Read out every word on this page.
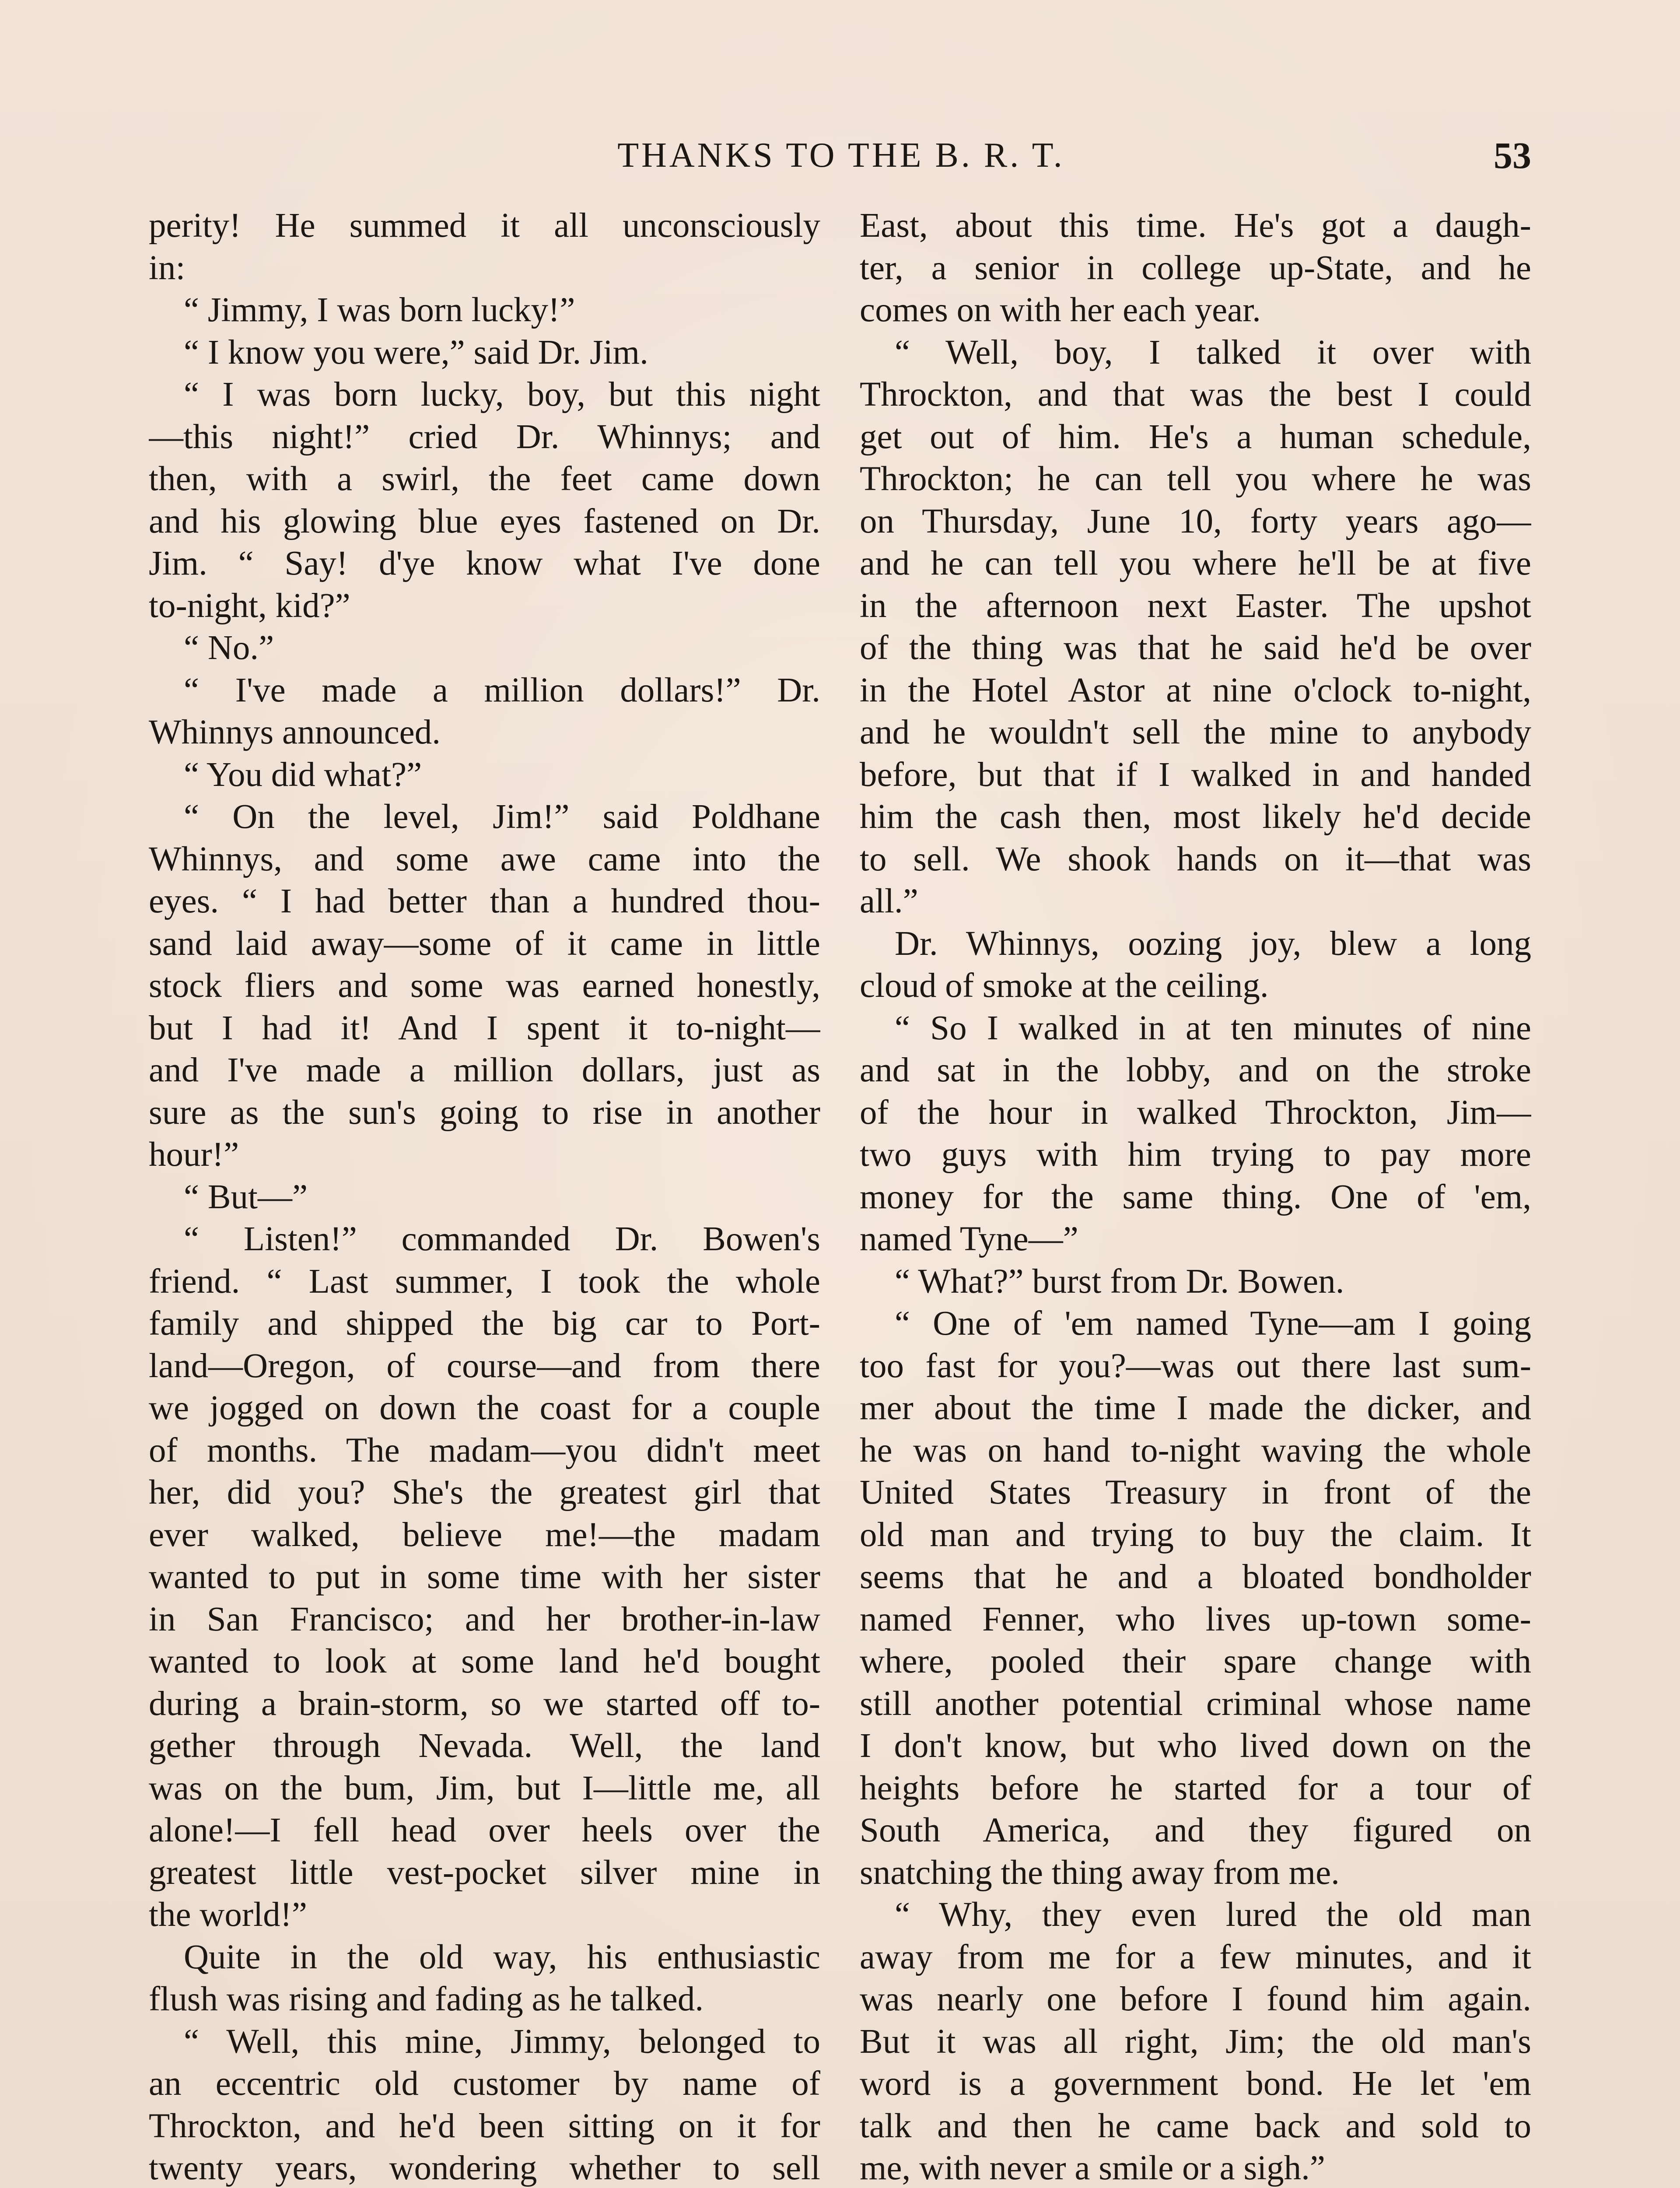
THANKS TO THE B. R. T.	53
perity! He summed it all unconsciously
in:
“ Jimmy, I was born lucky!”
“ I know you were,” said Dr. Jim.
“ I was born lucky, boy, but this night
—this night!” cried Dr. Whinnys; and
then, with a swirl, the feet came down
and his glowing blue eyes fastened on Dr.
Jim. “ Say! d'ye know what I've done
to-night, kid?”
“ No.”
“ I've made a million dollars!” Dr.
Whinnys announced.
“ You did what?”
“ On the level, Jim!” said Poldhane
Whinnys, and some awe came into the
eyes. “ I had better than a hundred thou-
sand laid away—some of it came in little
stock fliers and some was earned honestly,
but I had it! And I spent it to-night—
and I've made a million dollars, just as
sure as the sun's going to rise in another
hour!”
“ But—”
“ Listen!” commanded Dr. Bowen's
friend. “ Last summer, I took the whole
family and shipped the big car to Port-
land—Oregon, of course—and from there
we jogged on down the coast for a couple
of months. The madam—you didn't meet
her, did you? She's the greatest girl that
ever walked, believe me!—the madam
wanted to put in some time with her sister
in San Francisco; and her brother-in-law
wanted to look at some land he'd bought
during a brain-storm, so we started off to-
gether through Nevada. Well, the land
was on the bum, Jim, but I—little me, all
alone!—I fell head over heels over the
greatest little vest-pocket silver mine in
the world!”
Quite in the old way, his enthusiastic
flush was rising and fading as he talked.
“ Well, this mine, Jimmy, belonged to
an eccentric old customer by name of
Throckton, and he'd been sitting on it for
twenty years, wondering whether to sell
East, about this time. He's got a daugh-
ter, a senior in college up-State, and he
comes on with her each year.
“ Well, boy, I talked it over with
Throckton, and that was the best I could
get out of him. He's a human schedule,
Throckton; he can tell you where he was
on Thursday, June 10, forty years ago—
and he can tell you where he'll be at five
in the afternoon next Easter. The upshot
of the thing was that he said he'd be over
in the Hotel Astor at nine o'clock to-night,
and he wouldn't sell the mine to anybody
before, but that if I walked in and handed
him the cash then, most likely he'd decide
to sell. We shook hands on it—that was
all.”
Dr. Whinnys, oozing joy, blew a long
cloud of smoke at the ceiling.
“ So I walked in at ten minutes of nine
and sat in the lobby, and on the stroke
of the hour in walked Throckton, Jim—
two guys with him trying to pay more
money for the same thing. One of 'em,
named Tyne—”
“ What?” burst from Dr. Bowen.
“ One of 'em named Tyne—am I going
too fast for you?—was out there last sum-
mer about the time I made the dicker, and
he was on hand to-night waving the whole
United States Treasury in front of the
old man and trying to buy the claim. It
seems that he and a bloated bondholder
named Fenner, who lives up-town some-
where, pooled their spare change with
still another potential criminal whose name
I don't know, but who lived down on the
heights before he started for a tour of
South America, and they figured on
snatching the thing away from me.
“ Why, they even lured the old man
away from me for a few minutes, and it
was nearly one before I found him again.
But it was all right, Jim; the old man's
word is a government bond. He let 'em
talk and then he came back and sold to
me, with never a smile or a sigh.”
